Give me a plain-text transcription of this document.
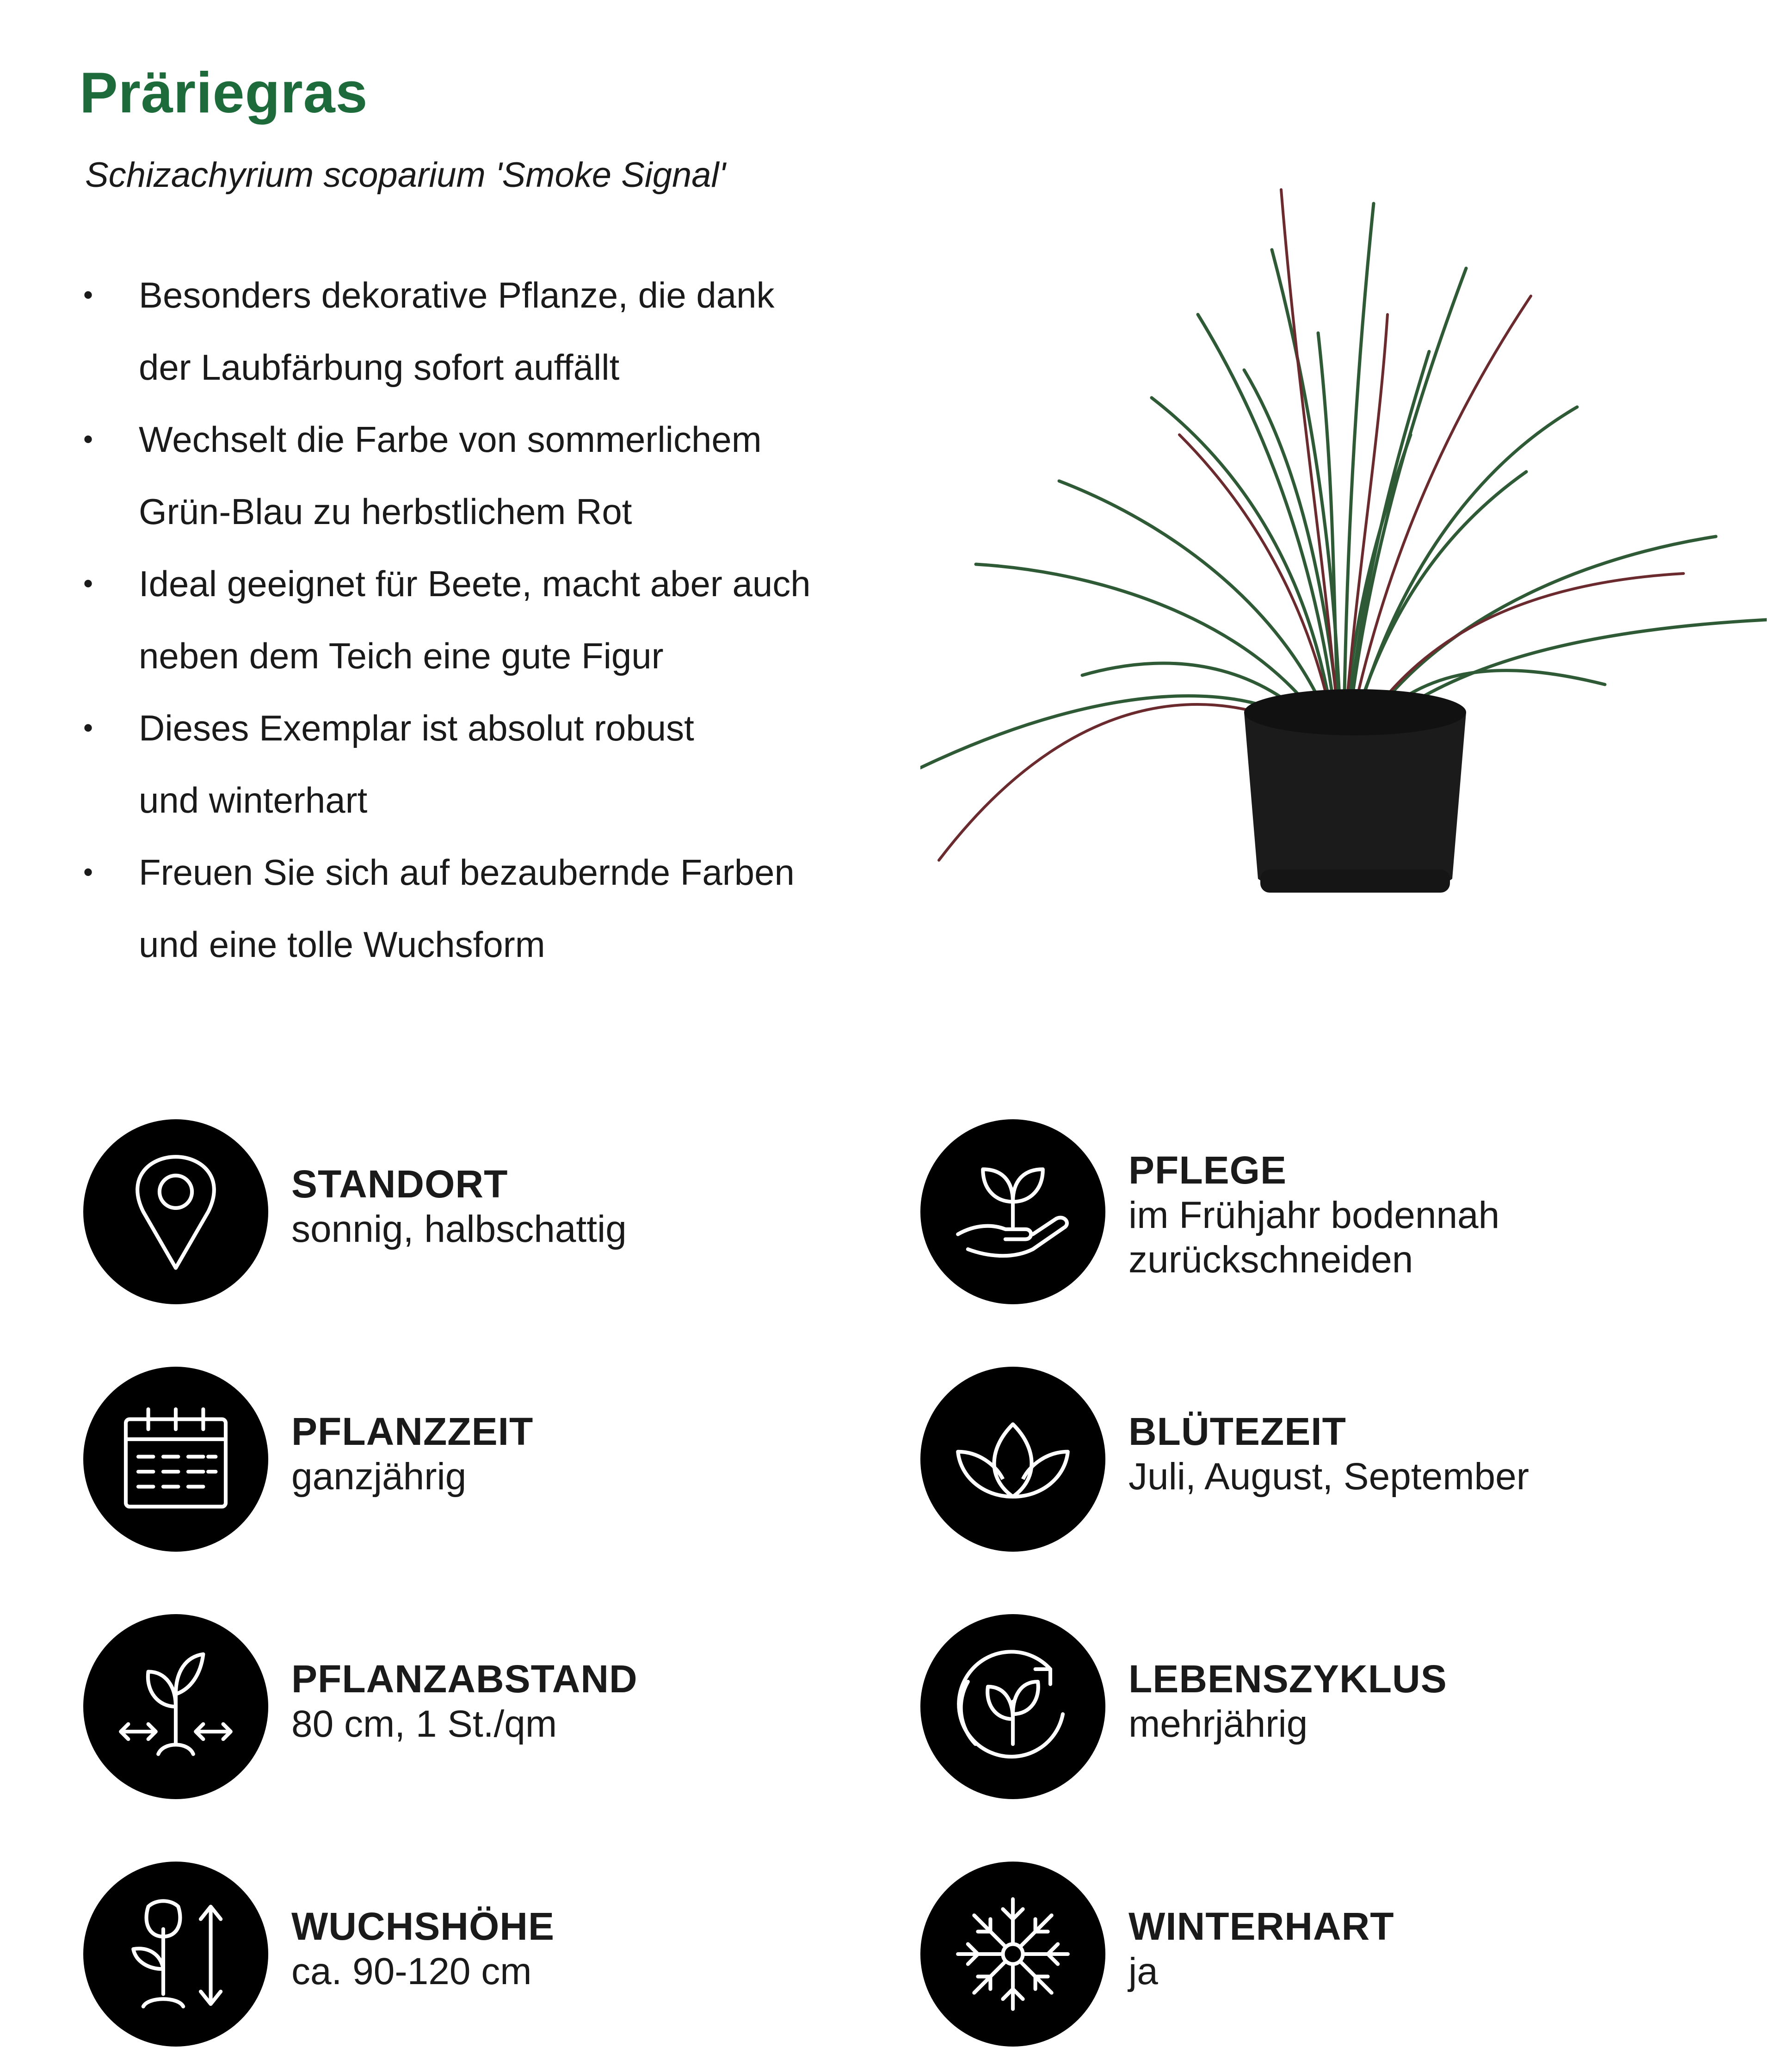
Präriegras

Schizachyrium scoparium 'Smoke Signal'

• Besonders dekorative Pflanze, die dank
der Laubfärbung sofort auffällt
• Wechselt die Farbe von sommerlichem
Grün-Blau zu herbstlichem Rot
• Ideal geeignet für Beete, macht aber auch
neben dem Teich eine gute Figur
• Dieses Exemplar ist absolut robust
und winterhart
• Freuen Sie sich auf bezaubernde Farben
und eine tolle Wuchsform
STANDORT
sonnig, halbschattig
PFLEGE
im Frühjahr bodennah
zurückschneiden
PFLANZZEIT
ganzjährig
BLÜTEZEIT
Juli, August, September
PFLANZABSTAND
80 cm, 1 St./qm
LEBENSZYKLUS
mehrjährig
WUCHSHÖHE
ca. 90-120 cm
WINTERHART
ja
